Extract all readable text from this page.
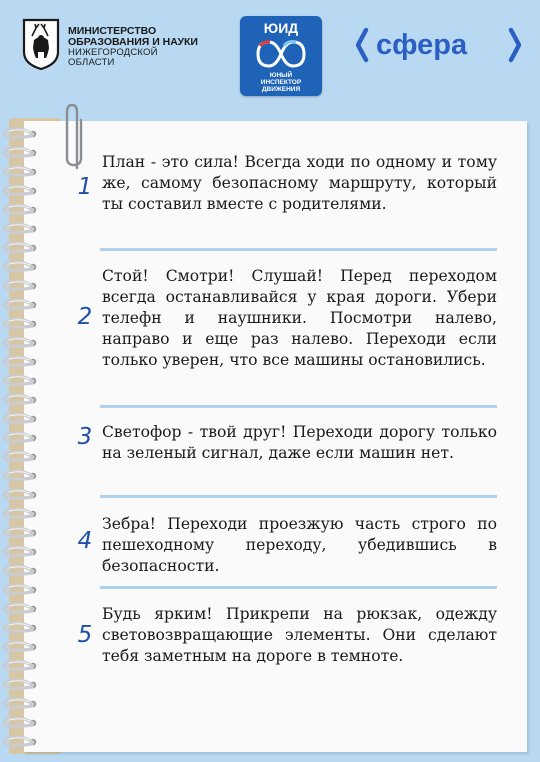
МИНИСТЕРСТВО
ОБРАЗОВАНИЯ И НАУКИ
НИЖЕГОРОДСКОЙ
ОБЛАСТИ
ЮИД
ЮНЫЙ
ИНСПЕКТОР
ДВИЖЕНИЯ
сфера
1
План - это сила! Всегда ходи по одному и тому же, самому безопасному маршруту, который ты составил вместе с родителями.
2
Стой! Смотри! Слушай! Перед переходом всегда останавливайся у края дороги. Убери телефн и наушники. Посмотри налево, направо и еще раз налево. Переходи если только уверен, что все машины остановились.
3 Светофор - твой друг! Переходи дорогу только на зеленый сигнал, даже если машин нет.
4
Зебра! Переходи проезжую часть строго по пешеходному переходу, убедившись в безопасности.
5
Будь ярким! Прикрепи на рюкзак, одежду световозвращающие элементы. Они сделают тебя заметным на дороге в темноте.
